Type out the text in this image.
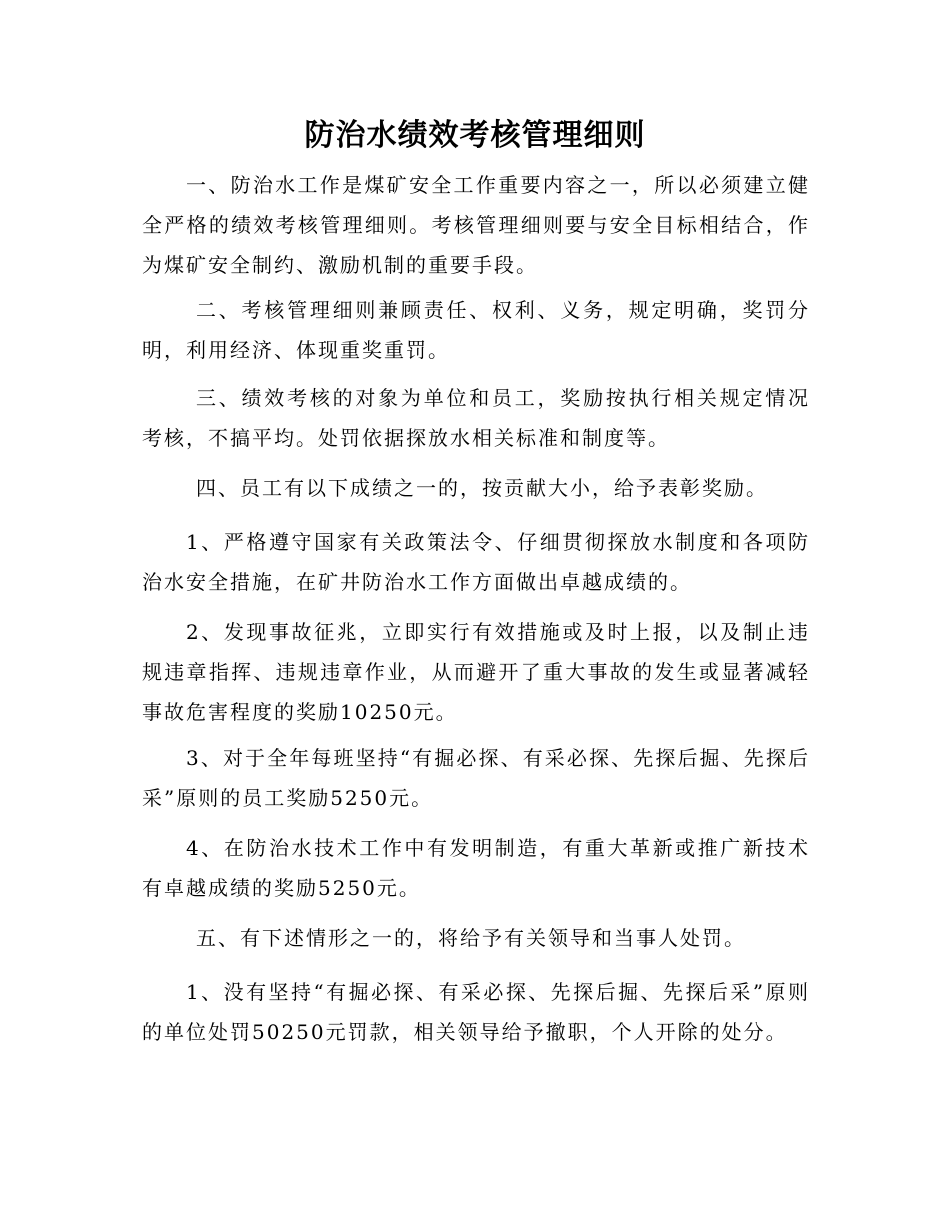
防治水绩效考核管理细则

一、防治水工作是煤矿安全工作重要内容之一，所以必须建立健全严格的绩效考核管理细则。考核管理细则要与安全目标相结合，作为煤矿安全制约、激励机制的重要手段。

二、考核管理细则兼顾责任、权利、义务，规定明确，奖罚分明，利用经济、体现重奖重罚。

三、绩效考核的对象为单位和员工，奖励按执行相关规定情况考核，不搞平均。处罚依据探放水相关标准和制度等。

四、员工有以下成绩之一的，按贡献大小，给予表彰奖励。

1、严格遵守国家有关政策法令、仔细贯彻探放水制度和各项防治水安全措施，在矿井防治水工作方面做出卓越成绩的。

2、发现事故征兆，立即实行有效措施或及时上报，以及制止违规违章指挥、违规违章作业，从而避开了重大事故的发生或显著减轻事故危害程度的奖励10250元。

3、对于全年每班坚持“有掘必探、有采必探、先探后掘、先探后采”原则的员工奖励5250元。

4、在防治水技术工作中有发明制造，有重大革新或推广新技术有卓越成绩的奖励5250元。

五、有下述情形之一的，将给予有关领导和当事人处罚。

1、没有坚持“有掘必探、有采必探、先探后掘、先探后采”原则的单位处罚50250元罚款，相关领导给予撤职，个人开除的处分。
